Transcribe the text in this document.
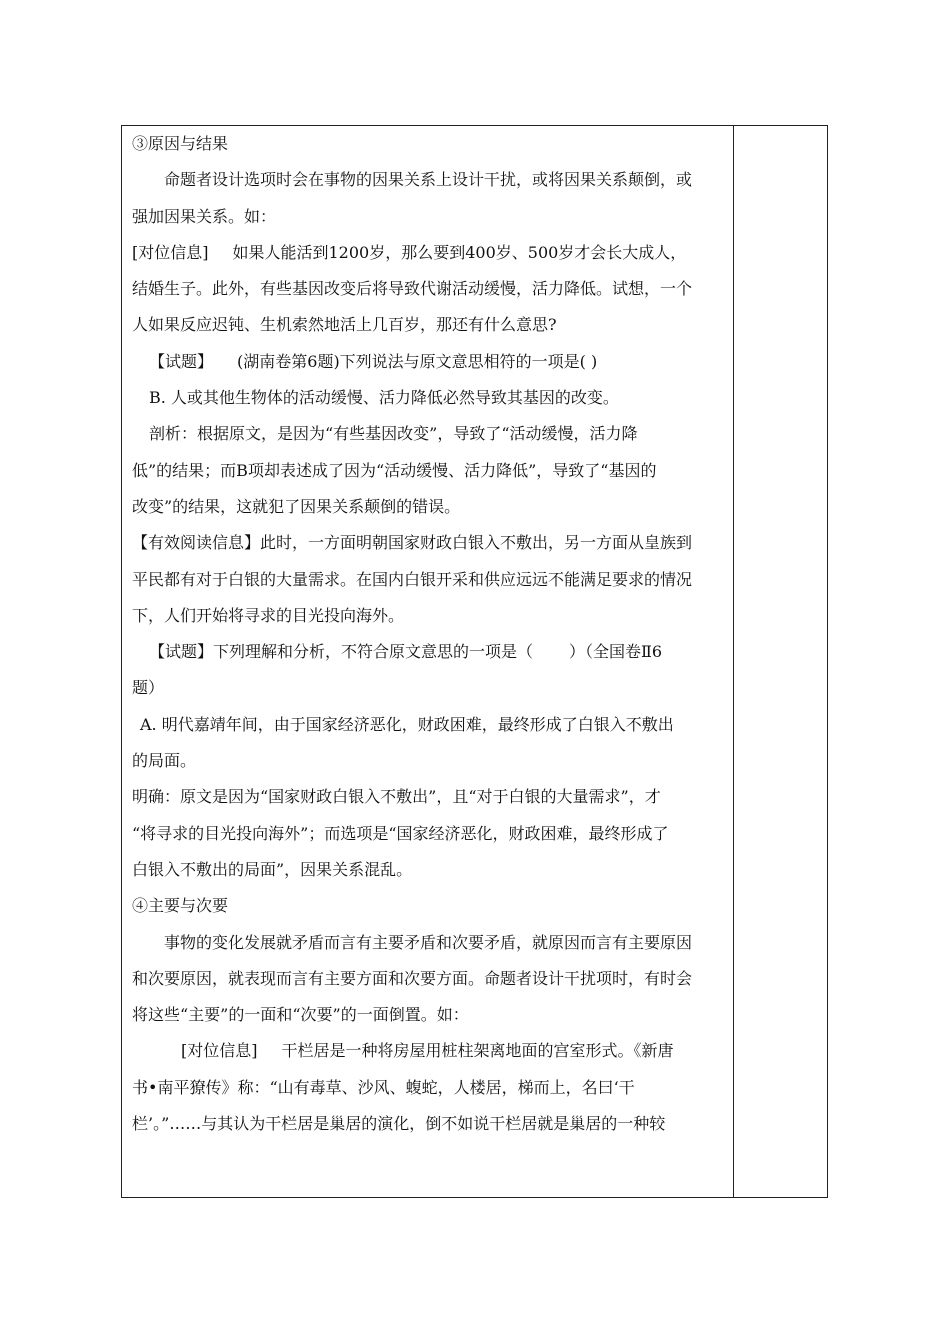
③原因与结果
命题者设计选项时会在事物的因果关系上设计干扰，或将因果关系颠倒，或
强加因果关系。如：
[对位信息] 如果人能活到1200岁，那么要到400岁、500岁才会长大成人，
结婚生子。此外，有些基因改变后将导致代谢活动缓慢，活力降低。试想，一个
人如果反应迟钝、生机索然地活上几百岁，那还有什么意思?
【试题】 (湖南卷第6题)下列说法与原文意思相符的一项是( )
B. 人或其他生物体的活动缓慢、活力降低必然导致其基因的改变。
剖析：根据原文，是因为“有些基因改变”，导致了“活动缓慢，活力降
低”的结果；而B项却表述成了因为“活动缓慢、活力降低”，导致了“基因的
改变”的结果，这就犯了因果关系颠倒的错误。
【有效阅读信息】此时，一方面明朝国家财政白银入不敷出，另一方面从皇族到
平民都有对于白银的大量需求。在国内白银开采和供应远远不能满足要求的情况
下，人们开始将寻求的目光投向海外。
【试题】下列理解和分析，不符合原文意思的一项是（ ）（全国卷Ⅱ6
题）
A. 明代嘉靖年间，由于国家经济恶化，财政困难，最终形成了白银入不敷出
的局面。
明确：原文是因为“国家财政白银入不敷出”，且“对于白银的大量需求”，才
“将寻求的目光投向海外”；而选项是“国家经济恶化，财政困难，最终形成了
白银入不敷出的局面”，因果关系混乱。
④主要与次要
事物的变化发展就矛盾而言有主要矛盾和次要矛盾，就原因而言有主要原因
和次要原因，就表现而言有主要方面和次要方面。命题者设计干扰项时，有时会
将这些“主要”的一面和“次要”的一面倒置。如：
[对位信息] 干栏居是一种将房屋用桩柱架离地面的宫室形式。《新唐
书•南平獠传》称：“山有毒草、沙风、蝮蛇，人楼居，梯而上，名曰‘干
栏’。”……与其认为干栏居是巢居的演化，倒不如说干栏居就是巢居的一种较
